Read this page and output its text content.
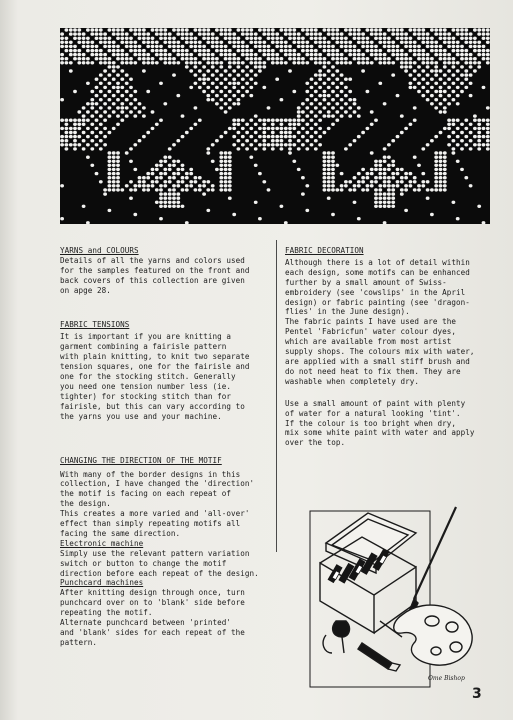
YARNS and COLOURS

Details of all the yarns and colors used

for the samples featured on the front and

back covers of this collection are given

on apge 28.

FABRIC TENSIONS

It is important if you are knitting a

garment combining a fairisle pattern

with plain knitting, to knit two separate

tension squares, one for the fairisle and

one for the stocking stitch. Generally

you need one tension number less (ie.

tighter) for stocking stitch than for

fairisle, but this can vary according to

the yarns you use and your machine.

CHANGING THE DIRECTION OF THE MOTIF

With many of the border designs in this

collection, I have changed the 'direction'

the motif is facing on each repeat of

the design.

This creates a more varied and 'all-over'

effect than simply repeating motifs all

facing the same direction.

Electronic machine

Simply use the relevant pattern variation

switch or button to change the motif

direction before each repeat of the design.

Punchcard machines

After knitting design through once, turn

punchcard over on to 'blank' side before

repeating the motif.

Alternate punchcard between 'printed'

and 'blank' sides for each repeat of the

pattern.

FABRIC DECORATION

Although there is a lot of detail within

each design, some motifs can be enhanced

further by a small amount of Swiss-

embroidery (see 'cowslips' in the April

design) or fabric painting (see 'dragon-

flies' in the June design).

The fabric paints I have used are the

Pentel 'Fabricfun' water colour dyes,

which are available from most artist

supply shops. The colours mix with water,

are applied with a small stiff brush and

do not need heat to fix them. They are

washable when completely dry.

Use a small amount of paint with plenty

of water for a natural looking 'tint'.

If the colour is too bright when dry,

mix some white paint with water and apply

over the top.

Ome Bishop
3
